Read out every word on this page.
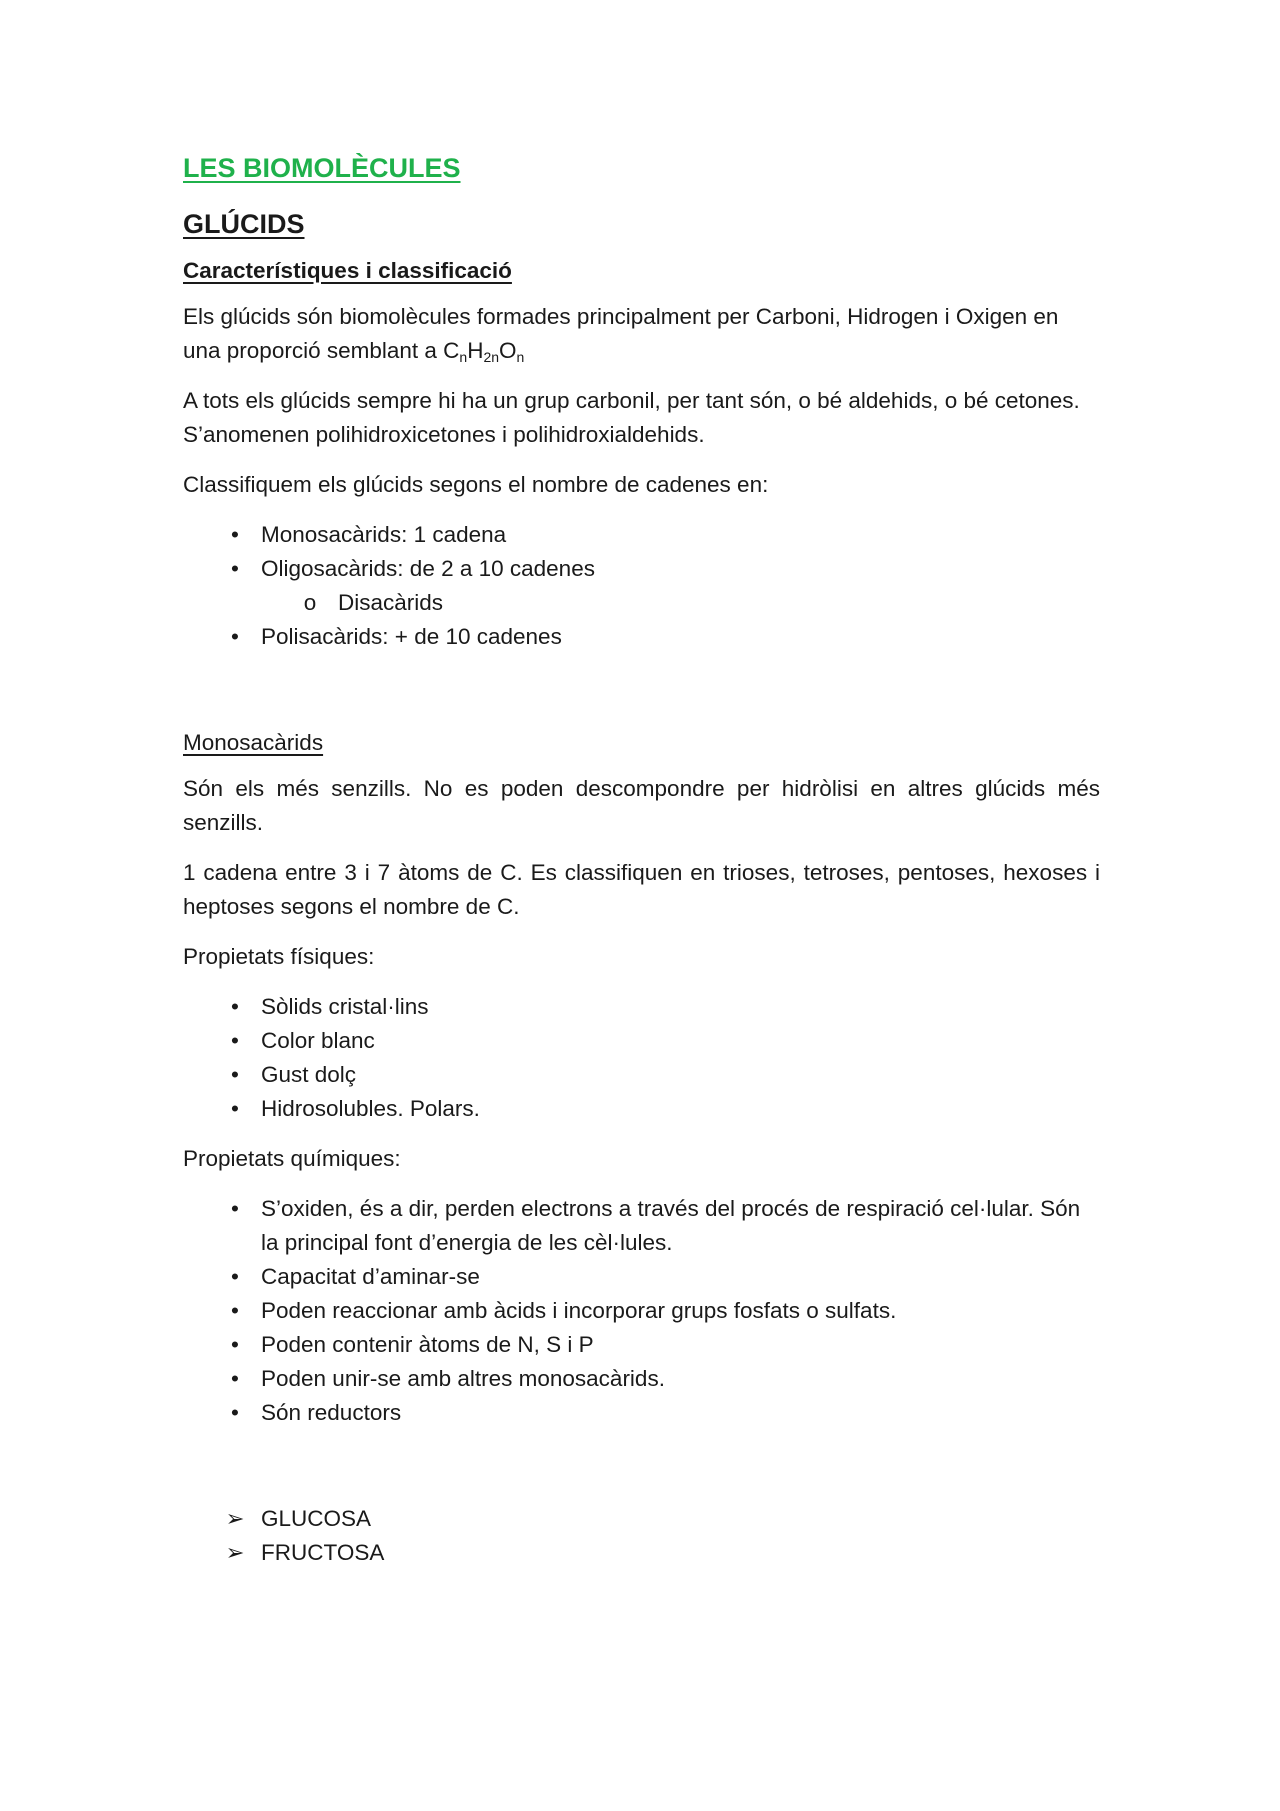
LES BIOMOLÈCULES
GLÚCIDS
Característiques i classificació

Els glúcids són biomolècules formades principalment per Carboni, Hidrogen i Oxigen en una proporció semblant a $C_nH_{2n}O_n$

A tots els glúcids sempre hi ha un grup carbonil, per tant són, o bé aldehids, o bé cetones. S’anomenen polihidroxicetones i polihidroxialdehids.

Classifiquem els glúcids segons el nombre de cadenes en:

• Monosacàrids: 1 cadena
• Oligosacàrids: de 2 a 10 cadenes
o Disacàrids
• Polisacàrids: + de 10 cadenes
Monosacàrids

Són els més senzills. No es poden descompondre per hidròlisi en altres glúcids més senzills.

1 cadena entre 3 i 7 àtoms de C. Es classifiquen en trioses, tetroses, pentoses, hexoses i heptoses segons el nombre de C.

Propietats físiques:

• Sòlids cristal·lins
• Color blanc
• Gust dolç
• Hidrosolubles. Polars.

Propietats químiques:

• S’oxiden, és a dir, perden electrons a través del procés de respiració cel·lular. Són la principal font d’energia de les cèl·lules.
• Capacitat d’aminar-se
• Poden reaccionar amb àcids i incorporar grups fosfats o sulfats.
• Poden contenir àtoms de N, S i P
• Poden unir-se amb altres monosacàrids.
• Són reductors
➢ GLUCOSA
➢ FRUCTOSA
